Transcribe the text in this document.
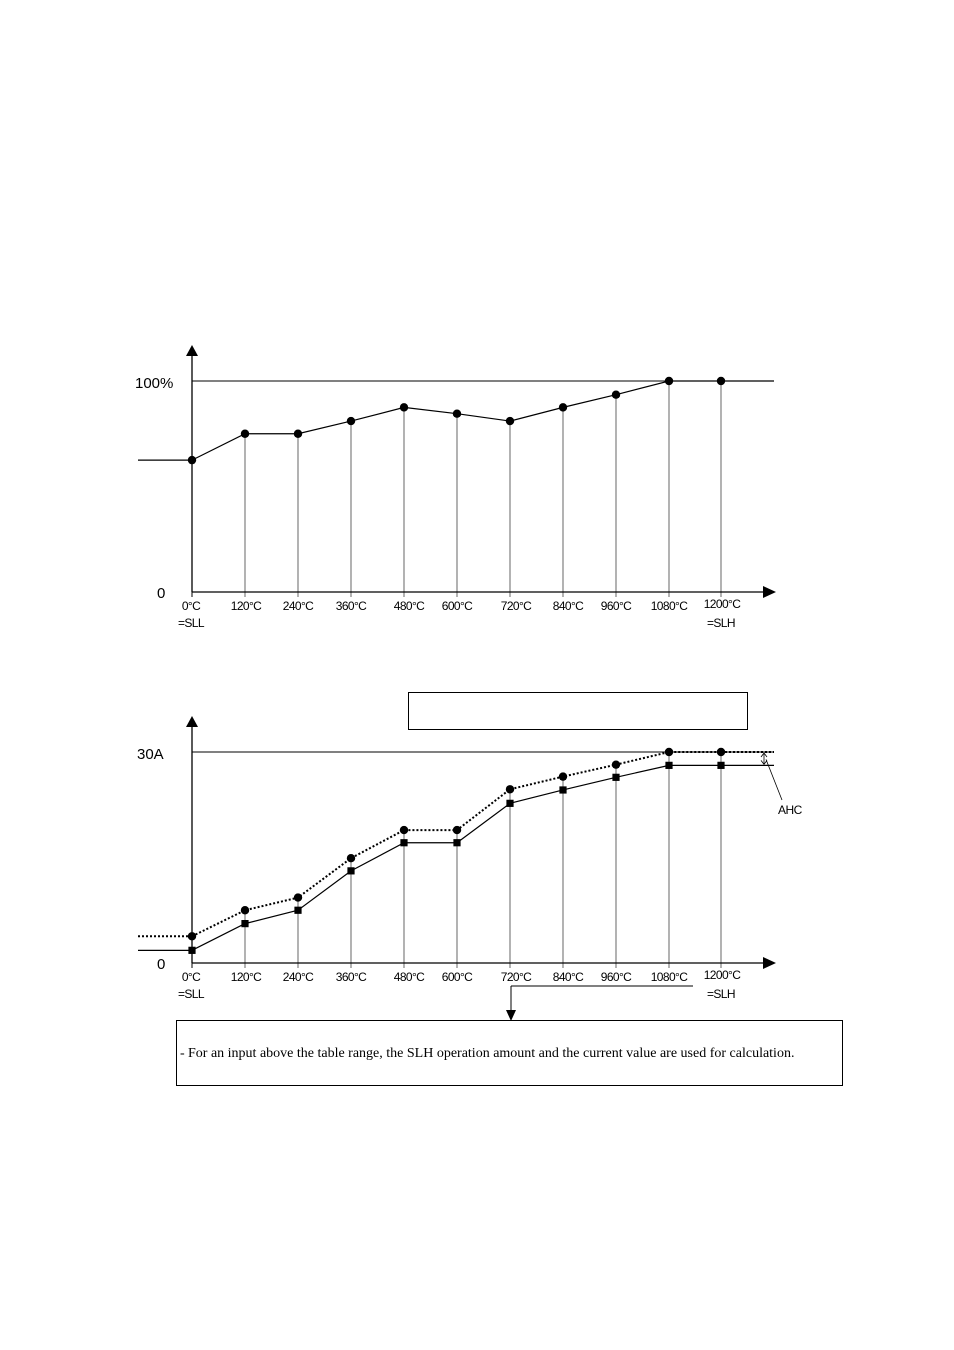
100%
0
0°C	120°C 240°C 360°C 480°C 600°C 720°C 840°C 960°C 1080°C 1200°C
=SLL	=SLH
30A
0
0°C	120°C 240°C 360°C 480°C 600°C 720°C 840°C 960°C 1080°C 1200°C
=SLL	=SLH
AHC
- For an input above the table range, the SLH operation amount and the current value are used for calculation.
